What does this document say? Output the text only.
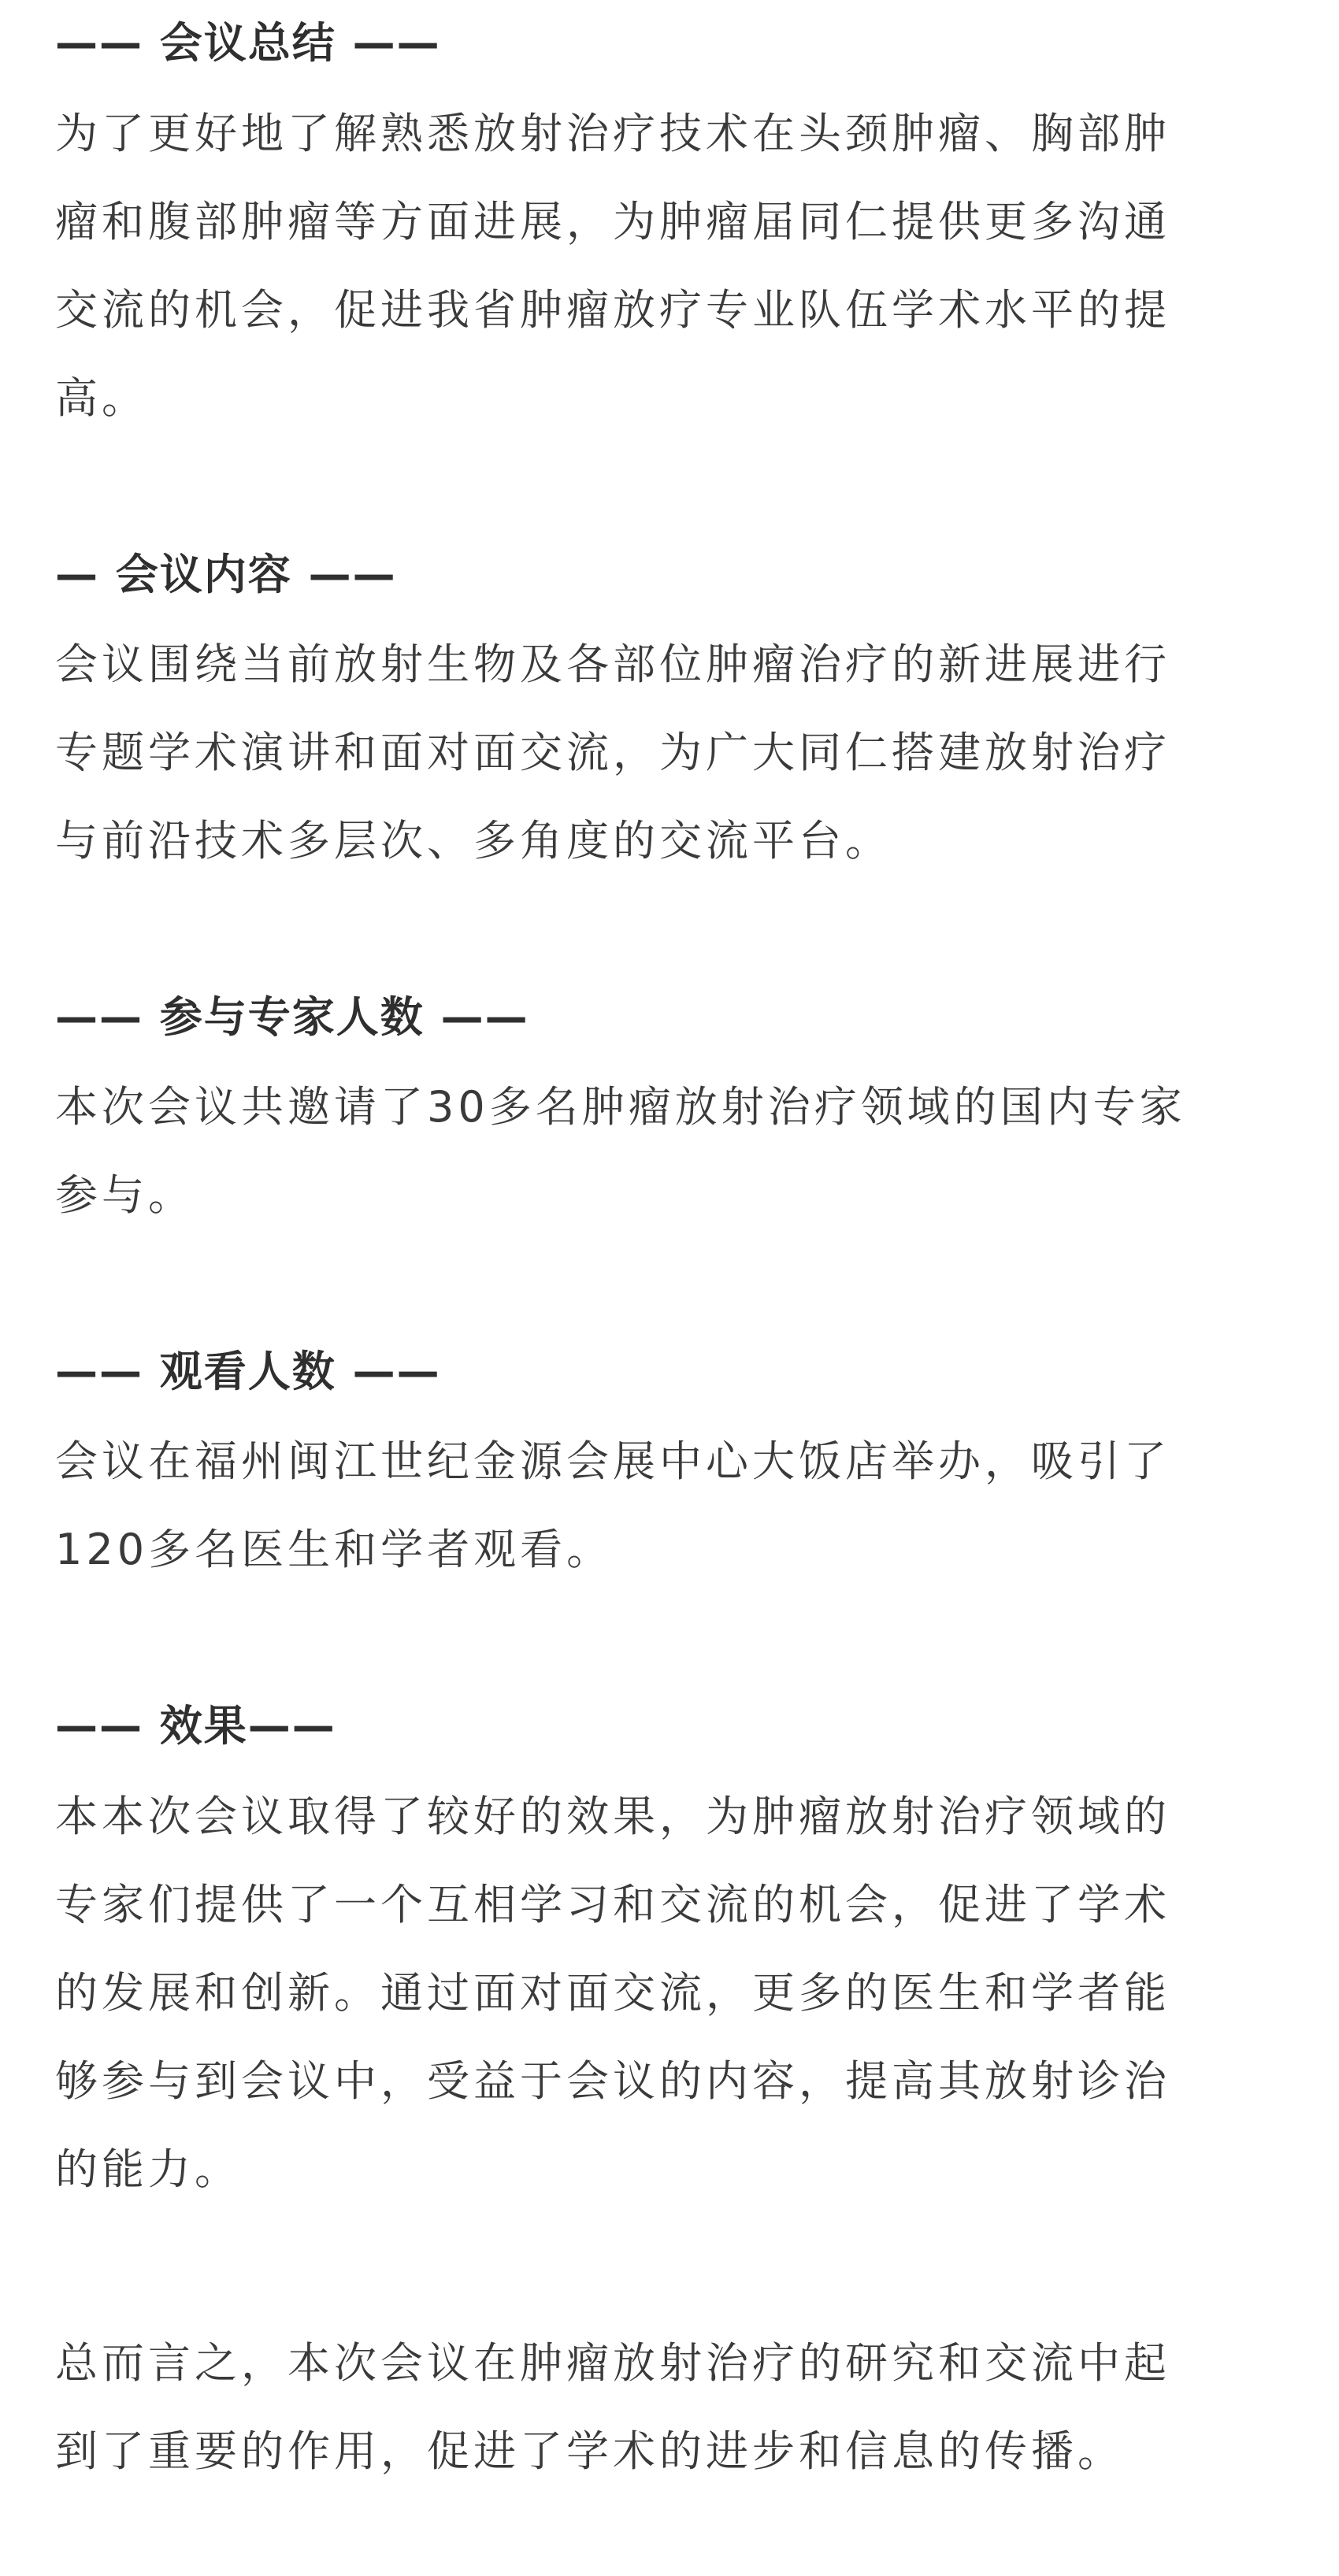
—— 会议总结 ——

为了更好地了解熟悉放射治疗技术在头颈肿瘤、胸部肿
瘤和腹部肿瘤等方面进展，为肿瘤届同仁提供更多沟通
交流的机会，促进我省肿瘤放疗专业队伍学术水平的提
高。

— 会议内容 ——

会议围绕当前放射生物及各部位肿瘤治疗的新进展进行
专题学术演讲和面对面交流，为广大同仁搭建放射治疗
与前沿技术多层次、多角度的交流平台。

—— 参与专家人数 ——

本次会议共邀请了30多名肿瘤放射治疗领域的国内专家
参与。

—— 观看人数 ——

会议在福州闽江世纪金源会展中心大饭店举办，吸引了
120多名医生和学者观看。

—— 效果——

本本次会议取得了较好的效果，为肿瘤放射治疗领域的
专家们提供了一个互相学习和交流的机会，促进了学术
的发展和创新。通过面对面交流，更多的医生和学者能
够参与到会议中，受益于会议的内容，提高其放射诊治
的能力。

总而言之，本次会议在肿瘤放射治疗的研究和交流中起
到了重要的作用，促进了学术的进步和信息的传播。
